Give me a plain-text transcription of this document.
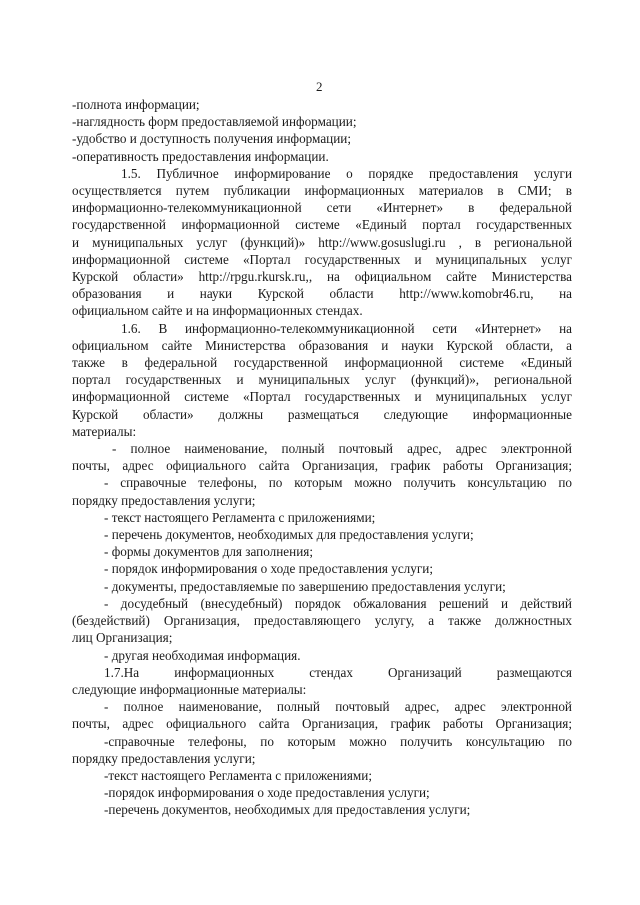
2
-полнота информации;
-наглядность форм предоставляемой информации;
-удобство и доступность получения информации;
-оперативность предоставления информации.
1.5. Публичное информирование о порядке предоставления услуги
осуществляется путем публикации информационных материалов в СМИ; в
информационно-телекоммуникационной сети «Интернет» в федеральной
государственной информационной системе «Единый портал государственных
и муниципальных услуг (функций)» http://www.gosuslugi.ru , в региональной
информационной системе «Портал государственных и муниципальных услуг
Курской области» http://rpgu.rkursk.ru,, на официальном сайте Министерства
образования и науки Курской области http://www.komobr46.ru, на
официальном сайте и на информационных стендах.
1.6. В информационно-телекоммуникационной сети «Интернет» на
официальном сайте Министерства образования и науки Курской области, а
также в федеральной государственной информационной системе «Единый
портал государственных и муниципальных услуг (функций)», региональной
информационной системе «Портал государственных и муниципальных услуг
Курской области» должны размещаться следующие информационные
материалы:
- полное наименование, полный почтовый адрес, адрес электронной
почты, адрес официального сайта Организация, график работы Организация;
- справочные телефоны, по которым можно получить консультацию по
порядку предоставления услуги;
- текст настоящего Регламента с приложениями;
- перечень документов, необходимых для предоставления услуги;
- формы документов для заполнения;
- порядок информирования о ходе предоставления услуги;
- документы, предоставляемые по завершению предоставления услуги;
- досудебный (внесудебный) порядок обжалования решений и действий
(бездействий) Организация, предоставляющего услугу, а также должностных
лиц Организация;
- другая необходимая информация.
1.7.На информационных стендах Организаций размещаются
следующие информационные материалы:
- полное наименование, полный почтовый адрес, адрес электронной
почты, адрес официального сайта Организация, график работы Организация;
-справочные телефоны, по которым можно получить консультацию по
порядку предоставления услуги;
-текст настоящего Регламента с приложениями;
-порядок информирования о ходе предоставления услуги;
-перечень документов, необходимых для предоставления услуги;
